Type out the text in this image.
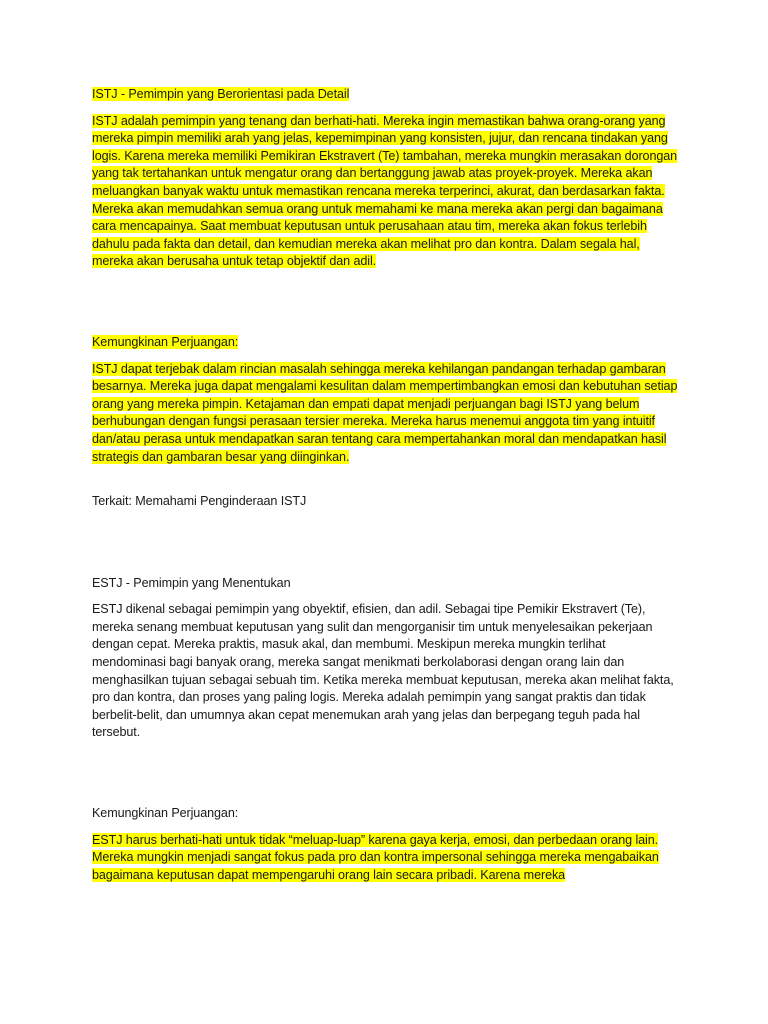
ISTJ - Pemimpin yang Berorientasi pada Detail

ISTJ adalah pemimpin yang tenang dan berhati-hati. Mereka ingin memastikan bahwa orang-orang yang mereka pimpin memiliki arah yang jelas, kepemimpinan yang konsisten, jujur, dan rencana tindakan yang logis. Karena mereka memiliki Pemikiran Ekstravert (Te) tambahan, mereka mungkin merasakan dorongan yang tak tertahankan untuk mengatur orang dan bertanggung jawab atas proyek-proyek. Mereka akan meluangkan banyak waktu untuk memastikan rencana mereka terperinci, akurat, dan berdasarkan fakta. Mereka akan memudahkan semua orang untuk memahami ke mana mereka akan pergi dan bagaimana cara mencapainya. Saat membuat keputusan untuk perusahaan atau tim, mereka akan fokus terlebih dahulu pada fakta dan detail, dan kemudian mereka akan melihat pro dan kontra. Dalam segala hal, mereka akan berusaha untuk tetap objektif dan adil.

Kemungkinan Perjuangan:

ISTJ dapat terjebak dalam rincian masalah sehingga mereka kehilangan pandangan terhadap gambaran besarnya. Mereka juga dapat mengalami kesulitan dalam mempertimbangkan emosi dan kebutuhan setiap orang yang mereka pimpin. Ketajaman dan empati dapat menjadi perjuangan bagi ISTJ yang belum berhubungan dengan fungsi perasaan tersier mereka. Mereka harus menemui anggota tim yang intuitif dan/atau perasa untuk mendapatkan saran tentang cara mempertahankan moral dan mendapatkan hasil strategis dan gambaran besar yang diinginkan.

Terkait: Memahami Penginderaan ISTJ

ESTJ - Pemimpin yang Menentukan

ESTJ dikenal sebagai pemimpin yang obyektif, efisien, dan adil. Sebagai tipe Pemikir Ekstravert (Te), mereka senang membuat keputusan yang sulit dan mengorganisir tim untuk menyelesaikan pekerjaan dengan cepat. Mereka praktis, masuk akal, dan membumi. Meskipun mereka mungkin terlihat mendominasi bagi banyak orang, mereka sangat menikmati berkolaborasi dengan orang lain dan menghasilkan tujuan sebagai sebuah tim. Ketika mereka membuat keputusan, mereka akan melihat fakta, pro dan kontra, dan proses yang paling logis. Mereka adalah pemimpin yang sangat praktis dan tidak berbelit-belit, dan umumnya akan cepat menemukan arah yang jelas dan berpegang teguh pada hal tersebut.

Kemungkinan Perjuangan:

ESTJ harus berhati-hati untuk tidak “meluap-luap” karena gaya kerja, emosi, dan perbedaan orang lain. Mereka mungkin menjadi sangat fokus pada pro dan kontra impersonal sehingga mereka mengabaikan bagaimana keputusan dapat mempengaruhi orang lain secara pribadi. Karena mereka
